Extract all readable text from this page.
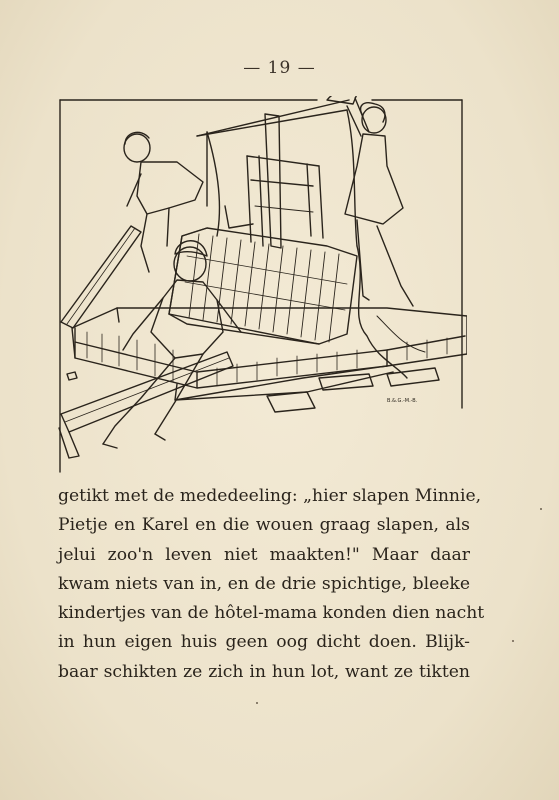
— 19 —
B.&.G.-M.-B.
getikt met de mededeeling: „hier slapen Minnie,
Pietje en Karel en die wouen graag slapen, als
jelui zoo'n leven niet maakten!" Maar daar
kwam niets van in, en de drie spichtige, bleeke
kindertjes van de hôtel-mama konden dien nacht
in hun eigen huis geen oog dicht doen. Blijk-
baar schikten ze zich in hun lot, want ze tikten
